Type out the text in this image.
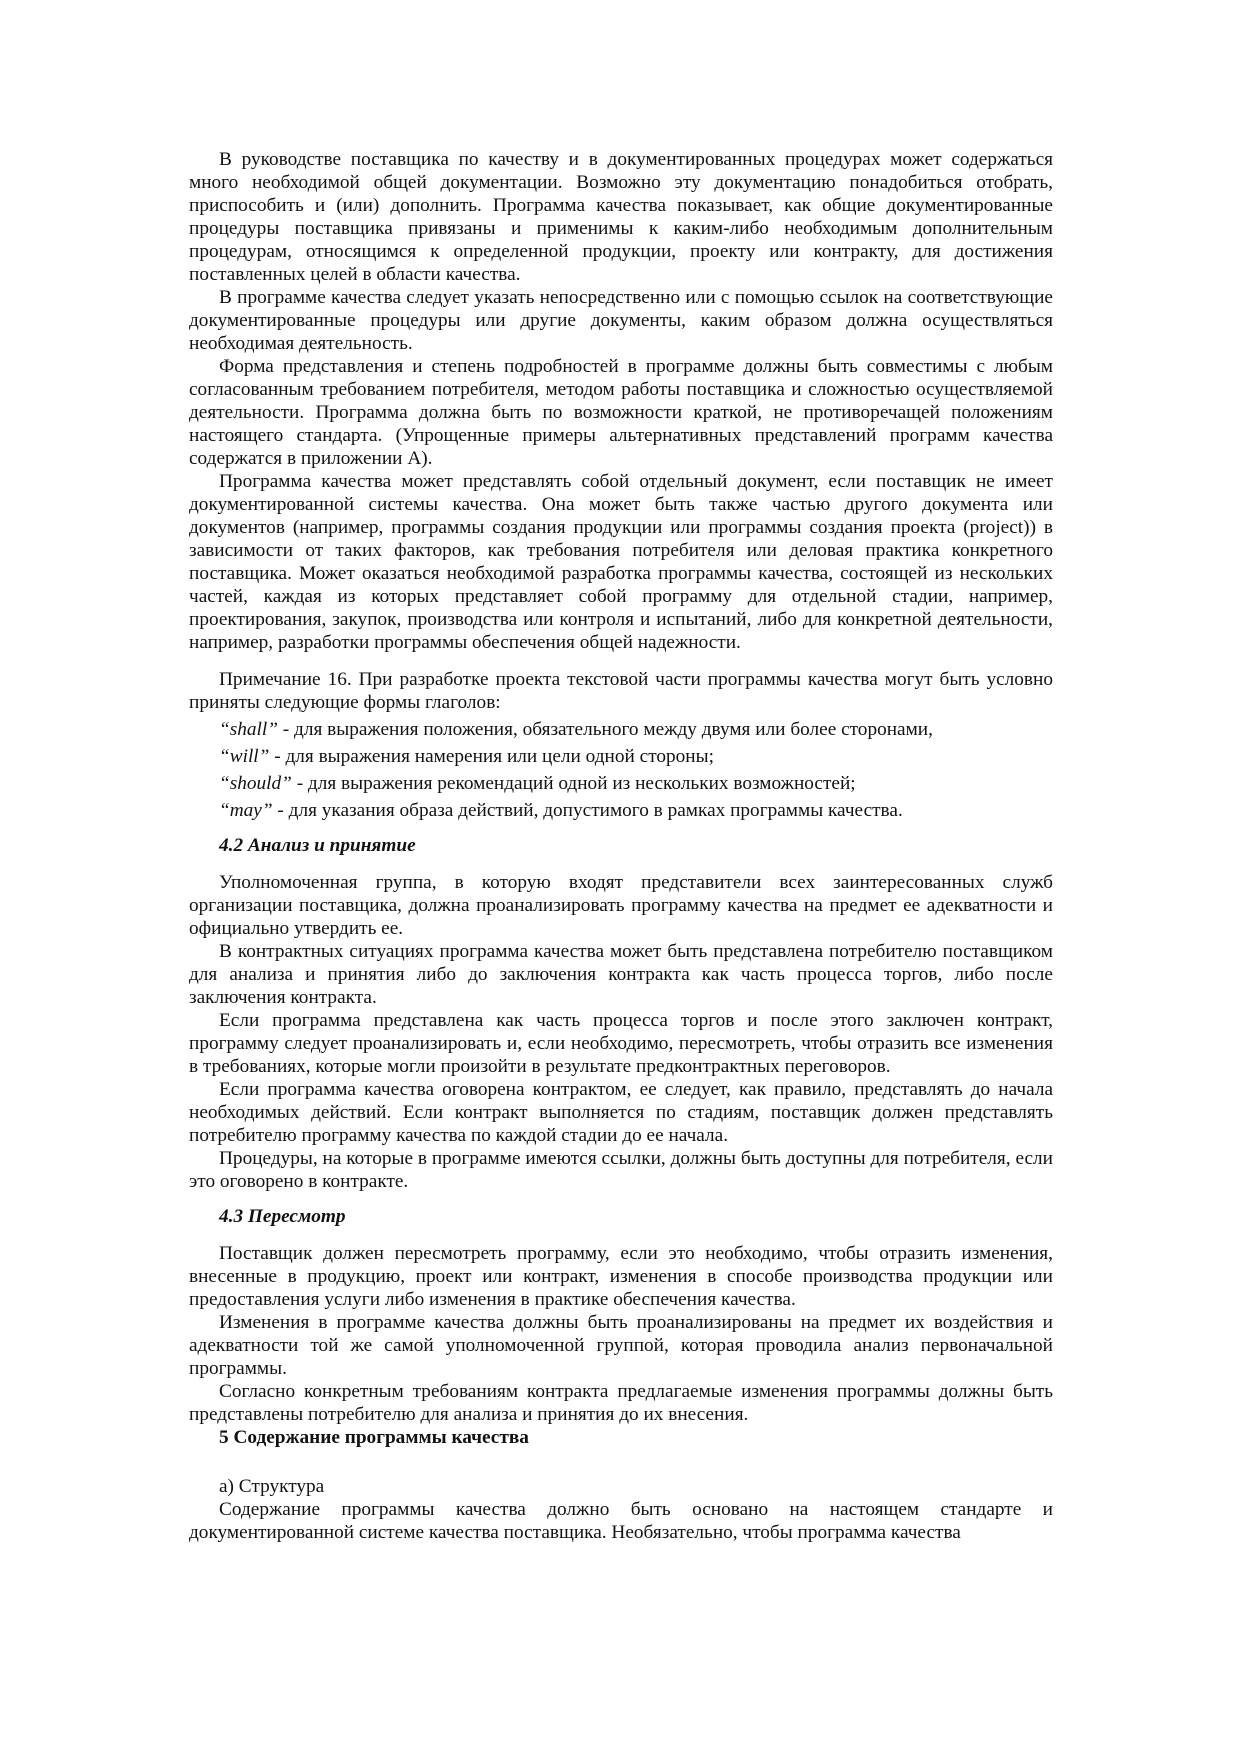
В руководстве поставщика по качеству и в документированных процедурах может содержаться много необходимой общей документации. Возможно эту документацию понадобиться отобрать, приспособить и (или) дополнить. Программа качества показывает, как общие документированные процедуры поставщика привязаны и применимы к каким-либо необходимым дополнительным процедурам, относящимся к определенной продукции, проекту или контракту, для достижения поставленных целей в области качества.

В программе качества следует указать непосредственно или с помощью ссылок на соответствующие документированные процедуры или другие документы, каким образом должна осуществляться необходимая деятельность.

Форма представления и степень подробностей в программе должны быть совместимы с любым согласованным требованием потребителя, методом работы поставщика и сложностью осуществляемой деятельности. Программа должна быть по возможности краткой, не противоречащей положениям настоящего стандарта. (Упрощенные примеры альтернативных представлений программ качества содержатся в приложении А).

Программа качества может представлять собой отдельный документ, если поставщик не имеет документированной системы качества. Она может быть также частью другого документа или документов (например, программы создания продукции или программы создания проекта (project)) в зависимости от таких факторов, как требования потребителя или деловая практика конкретного поставщика. Может оказаться необходимой разработка программы качества, состоящей из нескольких частей, каждая из которых представляет собой программу для отдельной стадии, например, проектирования, закупок, производства или контроля и испытаний, либо для конкретной деятельности, например, разработки программы обеспечения общей надежности.

Примечание 16. При разработке проекта текстовой части программы качества могут быть условно приняты следующие формы глаголов:

“shall” - для выражения положения, обязательного между двумя или более сторонами,

“will” - для выражения намерения или цели одной стороны;

“should” - для выражения рекомендаций одной из нескольких возможностей;

“may” - для указания образа действий, допустимого в рамках программы качества.

4.2 Анализ и принятие

Уполномоченная группа, в которую входят представители всех заинтересованных служб организации поставщика, должна проанализировать программу качества на предмет ее адекватности и официально утвердить ее.

В контрактных ситуациях программа качества может быть представлена потребителю поставщиком для анализа и принятия либо до заключения контракта как часть процесса торгов, либо после заключения контракта.

Если программа представлена как часть процесса торгов и после этого заключен контракт, программу следует проанализировать и, если необходимо, пересмотреть, чтобы отразить все изменения в требованиях, которые могли произойти в результате предконтрактных переговоров.

Если программа качества оговорена контрактом, ее следует, как правило, представлять до начала необходимых действий. Если контракт выполняется по стадиям, поставщик должен представлять потребителю программу качества по каждой стадии до ее начала.

Процедуры, на которые в программе имеются ссылки, должны быть доступны для потребителя, если это оговорено в контракте.

4.3 Пересмотр

Поставщик должен пересмотреть программу, если это необходимо, чтобы отразить изменения, внесенные в продукцию, проект или контракт, изменения в способе производства продукции или предоставления услуги либо изменения в практике обеспечения качества.

Изменения в программе качества должны быть проанализированы на предмет их воздействия и адекватности той же самой уполномоченной группой, которая проводила анализ первоначальной программы.

Согласно конкретным требованиям контракта предлагаемые изменения программы должны быть представлены потребителю для анализа и принятия до их внесения.

5 Содержание программы качества

а) Структура

Содержание программы качества должно быть основано на настоящем стандарте и документированной системе качества поставщика. Необязательно, чтобы программа качества
